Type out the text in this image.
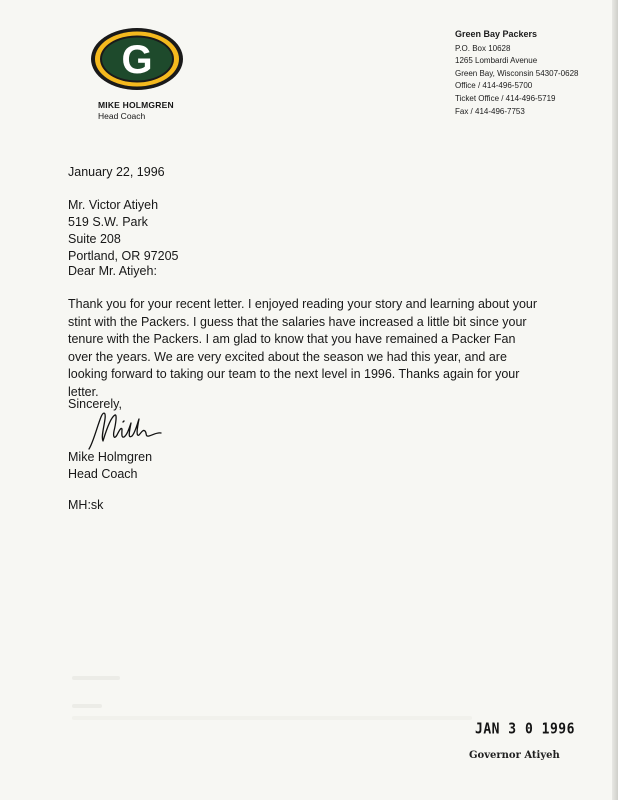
G
MIKE HOLMGREN
Head Coach
Green Bay Packers
P.O. Box 10628
1265 Lombardi Avenue
Green Bay, Wisconsin 54307-0628
Office / 414-496-5700
Ticket Office / 414-496-5719
Fax / 414-496-7753
January 22, 1996
Mr. Victor Atiyeh
519 S.W. Park
Suite 208
Portland, OR 97205
Dear Mr. Atiyeh:
Thank you for your recent letter. I enjoyed reading your story and learning about your
stint with the Packers. I guess that the salaries have increased a little bit since your
tenure with the Packers. I am glad to know that you have remained a Packer Fan
over the years. We are very excited about the season we had this year, and are
looking forward to taking our team to the next level in 1996. Thanks again for your
letter.
Sincerely,
Mike Holmgren
Head Coach
MH:sk
JAN 3 0 1996
Governor Atiyeh
